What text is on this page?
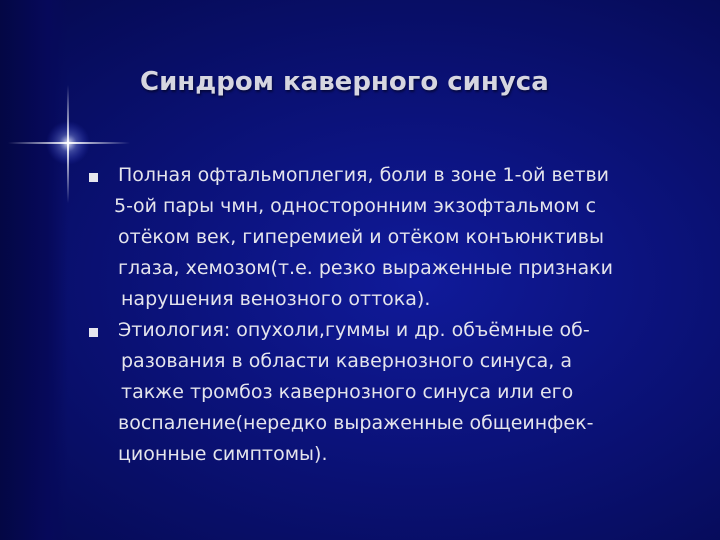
Синдром каверного синуса
Полная офтальмоплегия, боли в зоне 1-ой ветви
5-ой пары чмн, односторонним экзофтальмом с
отёком век, гиперемией и отёком конъюнктивы
глаза, хемозом(т.е. резко выраженные признаки
нарушения венозного оттока).
Этиология: опухоли,гуммы и др. объёмные об-
разования в области кавернозного синуса, а
также тромбоз кавернозного синуса или его
воспаление(нередко выраженные общеинфек-
ционные симптомы).
